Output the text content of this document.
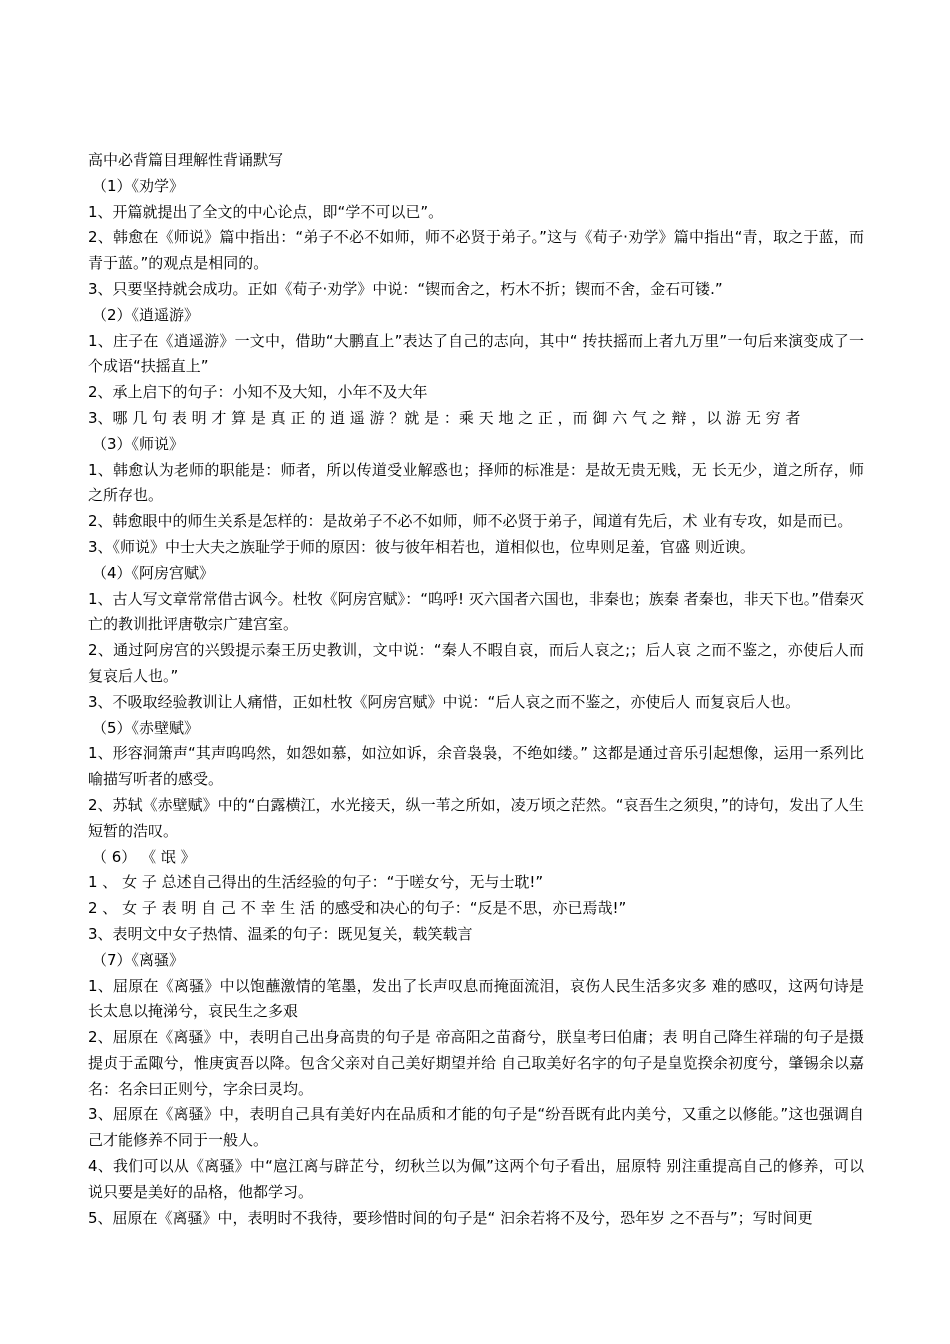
高中必背篇目理解性背诵默写

（1）《劝学》

1、开篇就提出了全文的中心论点，即“学不可以已”。

2、韩愈在《师说》篇中指出：“弟子不必不如师，师不必贤于弟子。”这与《荀子·劝学》篇中指出“青，取之于蓝，而青于蓝。”的观点是相同的。

3、只要坚持就会成功。正如《荀子·劝学》中说：“锲而舍之，朽木不折；锲而不舍，金石可镂.”

（2）《逍遥游》

1、庄子在《逍遥游》一文中，借助“大鹏直上”表达了自己的志向，其中“ 抟扶摇而上者九万里”一句后来演变成了一个成语“扶摇直上”

2、承上启下的句子：小知不及大知，小年不及大年

3、哪 几 句 表 明 才 算 是 真 正 的 逍 遥 游 ？就 是 ：乘 天 地 之 正 ，而 御 六 气 之 辩 ，以 游 无 穷 者

（3）《师说》

1、韩愈认为老师的职能是：师者，所以传道受业解惑也；择师的标准是：是故无贵无贱，无 长无少，道之所存，师之所存也。

2、韩愈眼中的师生关系是怎样的：是故弟子不必不如师，师不必贤于弟子，闻道有先后，术 业有专攻，如是而已。

3、《师说》中士大夫之族耻学于师的原因：彼与彼年相若也，道相似也，位卑则足羞，官盛 则近谀。

（4）《阿房宫赋》

1、古人写文章常常借古讽今。杜牧《阿房宫赋》：“呜呼! 灭六国者六国也，非秦也；族秦 者秦也，非天下也。”借秦灭亡的教训批评唐敬宗广建宫室。

2、通过阿房宫的兴毁提示秦王历史教训，文中说：“秦人不暇自哀，而后人哀之;；后人哀 之而不鉴之，亦使后人而复哀后人也。”

3、不吸取经验教训让人痛惜，正如杜牧《阿房宫赋》中说：“后人哀之而不鉴之，亦使后人 而复哀后人也。

（5）《赤壁赋》

1、形容洞箫声“其声呜呜然，如怨如慕，如泣如诉，余音袅袅，不绝如缕。” 这都是通过音乐引起想像，运用一系列比喻描写听者的感受。

2、苏轼《赤壁赋》中的“白露横江，水光接天，纵一苇之所如，凌万顷之茫然。“哀吾生之须臾，”的诗句，发出了人生短暂的浩叹。

（ 6） 《 氓 》

1 、 女 子 总述自己得出的生活经验的句子：“于嗟女兮，无与士耽!”

2 、 女 子 表 明 自 己 不 幸 生 活 的感受和决心的句子：“反是不思，亦已焉哉!”

3、表明文中女子热情、温柔的句子：既见复关，载笑载言

（7）《离骚》

1、屈原在《离骚》中以饱蘸激情的笔墨，发出了长声叹息而掩面流泪，哀伤人民生活多灾多 难的感叹，这两句诗是长太息以掩涕兮，哀民生之多艰

2、屈原在《离骚》中，表明自己出身高贵的句子是 帝高阳之苗裔兮，朕皇考曰伯庸；表 明自己降生祥瑞的句子是摄提贞于孟陬兮，惟庚寅吾以降。包含父亲对自己美好期望并给 自己取美好名字的句子是皇览揆余初度兮，肇锡余以嘉名：名余曰正则兮，字余曰灵均。

3、屈原在《离骚》中，表明自己具有美好内在品质和才能的句子是“纷吾既有此内美兮，又重之以修能。”这也强调自己才能修养不同于一般人。

4、我们可以从《离骚》中“扈江离与辟芷兮，纫秋兰以为佩”这两个句子看出，屈原特 别注重提高自己的修养，可以说只要是美好的品格，他都学习。

5、屈原在《离骚》中，表明时不我待，要珍惜时间的句子是“ 汩余若将不及兮，恐年岁 之不吾与”；写时间更
